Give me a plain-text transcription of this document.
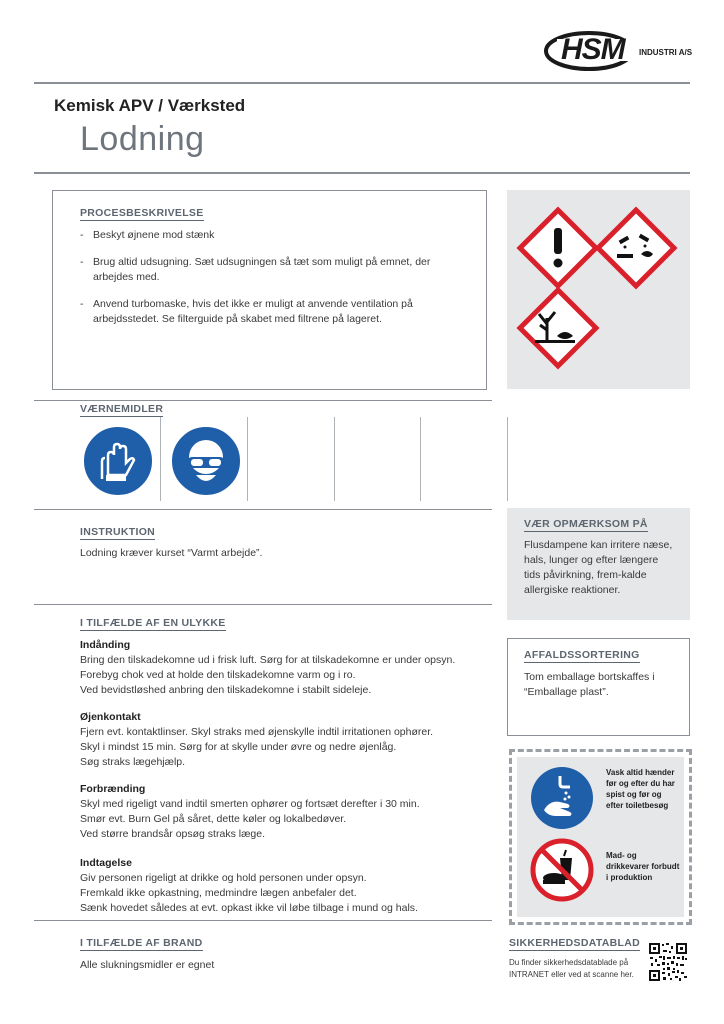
HSM INDUSTRI A/S
Kemisk APV / Værksted
Lodning
PROCESBESKRIVELSE
- Beskyt øjnene mod stænk
- Brug altid udsugning. Sæt udsugningen så tæt som muligt på emnet, der arbejdes med.
- Anvend turbomaske, hvis det ikke er muligt at anvende ventilation på arbejdsstedet. Se filterguide på skabet med filtrene på lageret.
VÆRNEMIDLER
INSTRUKTION
Lodning kræver kurset “Varmt arbejde”.
VÆR OPMÆRKSOM PÅ
Flusdampene kan irritere næse, hals, lunger og efter længere tids påvirkning, frem-kalde allergiske reaktioner.
I TILFÆLDE AF EN ULYKKE
Indånding
Bring den tilskadekomne ud i frisk luft. Sørg for at tilskadekomne er under opsyn.
Forebyg chok ved at holde den tilskadekomne varm og i ro.
Ved bevidstløshed anbring den tilskadekomne i stabilt sideleje.
Øjenkontakt
Fjern evt. kontaktlinser. Skyl straks med øjenskylle indtil irritationen ophører.
Skyl i mindst 15 min. Sørg for at skylle under øvre og nedre øjenlåg.
Søg straks lægehjælp.
Forbrænding
Skyl med rigeligt vand indtil smerten ophører og fortsæt derefter i 30 min.
Smør evt. Burn Gel på såret, dette køler og lokalbedøver.
Ved større brandsår opsøg straks læge.
Indtagelse
Giv personen rigeligt at drikke og hold personen under opsyn.
Fremkald ikke opkastning, medmindre lægen anbefaler det.
Sænk hovedet således at evt. opkast ikke vil løbe tilbage i mund og hals.
AFFALDSSORTERING
Tom emballage bortskaffes i “Emballage plast”.
Vask altid hænder før og efter du har spist og før og efter toiletbesøg
Mad- og drikkevarer forbudt i produktion
I TILFÆLDE AF BRAND
Alle slukningsmidler er egnet
SIKKERHEDSDATABLAD
Du finder sikkerhedsdatablade på INTRANET eller ved at scanne her.
